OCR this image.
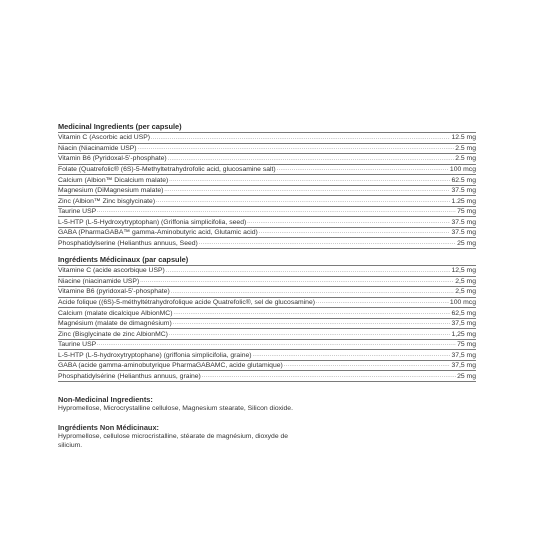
Medicinal Ingredients (per capsule)
Vitamin C (Ascorbic acid USP) .....	12.5 mg
Niacin (Niacinamide USP) .....	2.5 mg
Vitamin B6 (Pyridoxal-5’-phosphate) .....	2.5 mg
Folate (Quatrefolic® (6S)-5-Methyltetrahydrofolic acid, glucosamine salt) .....	100 mcg
Calcium (Albion™ Dicalcium malate) .....	62.5 mg
Magnesium (DiMagnesium malate) .....	37.5 mg
Zinc (Albion™ Zinc bisglycinate) .....	1.25 mg
Taurine USP .....	75 mg
L-5-HTP (L-5-Hydroxytryptophan) (Griffonia simplicifolia, seed) .....	37.5 mg
GABA (PharmaGABA™ gamma-Aminobutyric acid, Glutamic acid) .....	37.5 mg
Phosphatidylserine (Helianthus annuus, Seed) .....	25 mg
Ingrédients Médicinaux (par capsule)
Vitamine C (acide ascorbique USP) .....	12,5 mg
Niacine (niacinamide USP) .....	2,5 mg
Vitamine B6 (pyridoxal-5’-phosphate) .....	2,5 mg
Acide folique ((6S)-5-méthyltétrahydrofolique acide Quatrefolic®, sel de glucosamine) .....	100 mcg
Calcium (malate dicalcique AlbionMC) .....	62,5 mg
Magnésium (malate de dimagnésium) .....	37,5 mg
Zinc (Bisglycinate de zinc AlbionMC) .....	1,25 mg
Taurine USP .....	75 mg
L-5-HTP (L-5-hydroxytryptophane) (griffonia simplicifolia, graine) .....	37,5 mg
GABA (acide gamma-aminobutyrique PharmaGABAMC, acide glutamique) .....	37,5 mg
Phosphatidylsérine (Helianthus annuus, graine) .....	25 mg
Non-Medicinal Ingredients:
Hypromellose, Microcrystalline cellulose, Magnesium stearate, Silicon dioxide.
Ingrédients Non Médicinaux:
Hypromellose, cellulose microcristalline, stéarate de magnésium, dioxyde de silicium.
